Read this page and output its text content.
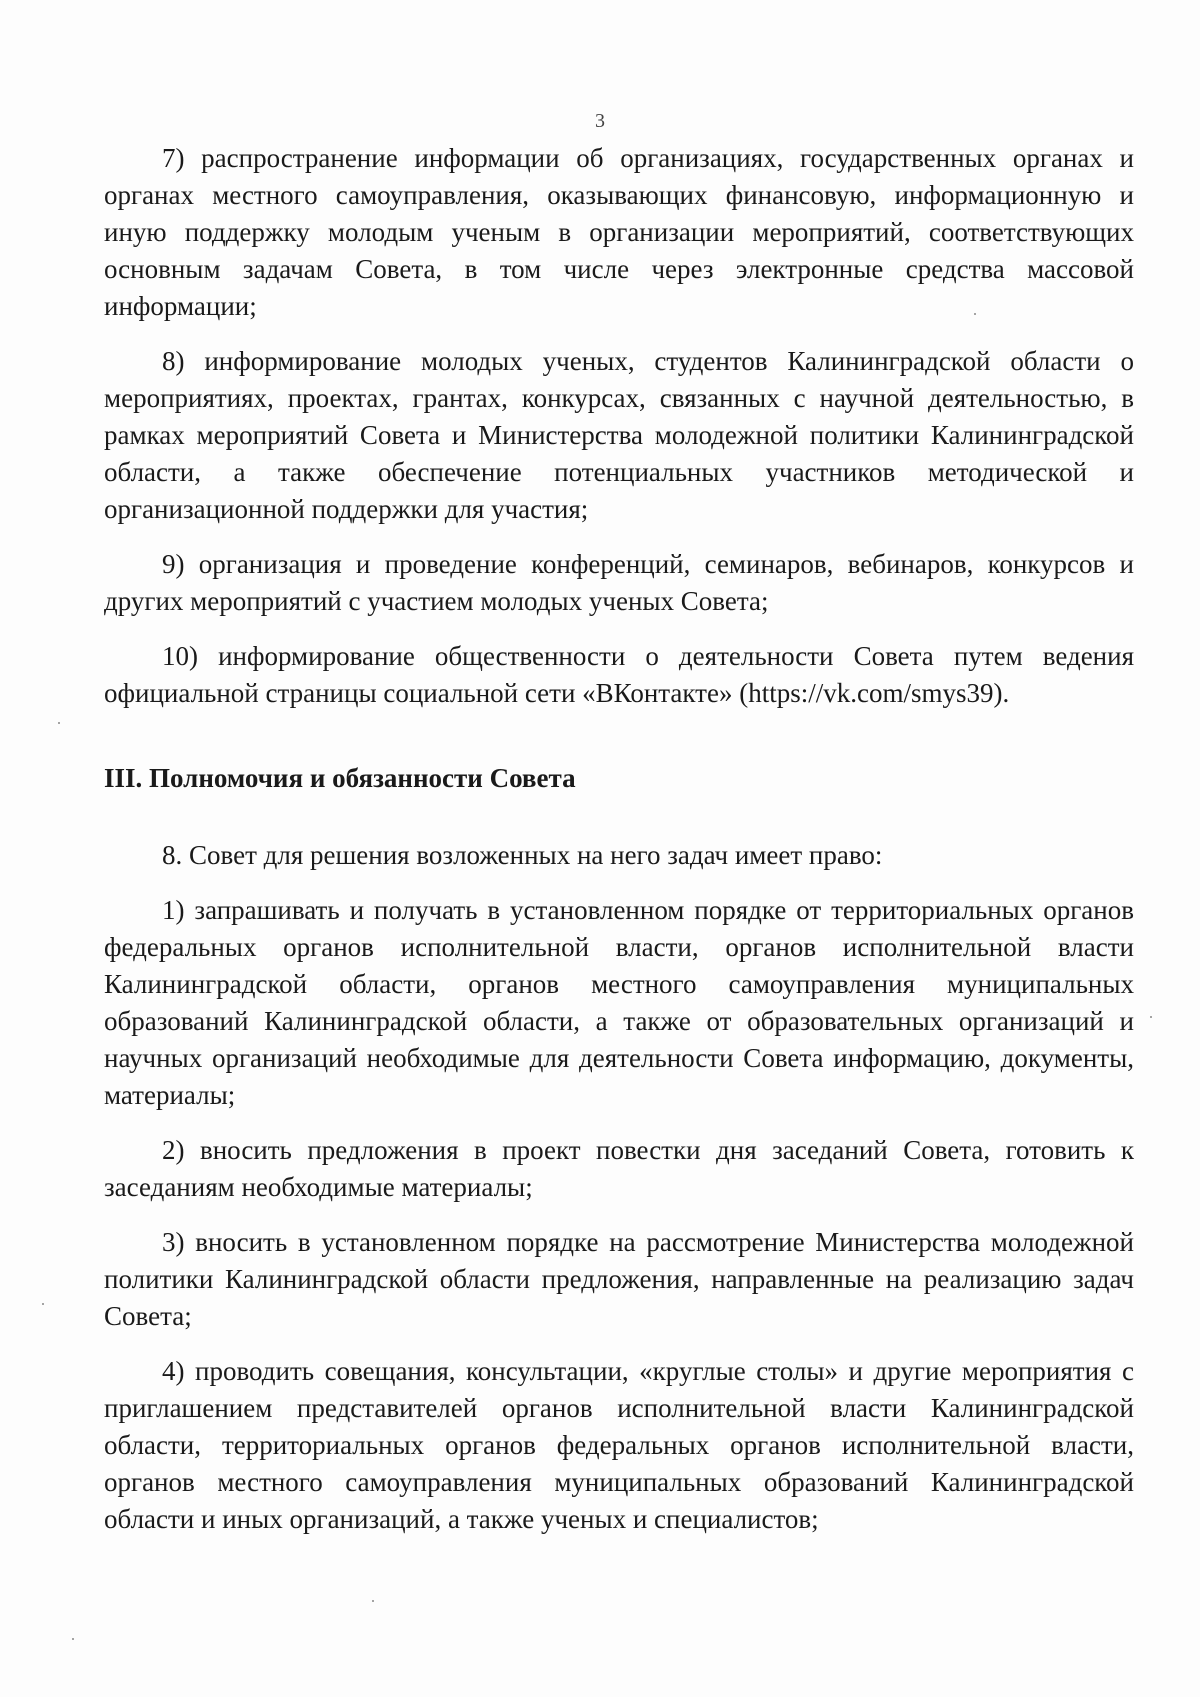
3

7) распространение информации об организациях, государственных органах и органах местного самоуправления, оказывающих финансовую, информационную и иную поддержку молодым ученым в организации мероприятий, соответствующих основным задачам Совета, в том числе через электронные средства массовой информации;

8) информирование молодых ученых, студентов Калининградской области о мероприятиях, проектах, грантах, конкурсах, связанных с научной деятельностью, в рамках мероприятий Совета и Министерства молодежной политики Калининградской области, а также обеспечение потенциальных участников методической и организационной поддержки для участия;

9) организация и проведение конференций, семинаров, вебинаров, конкурсов и других мероприятий с участием молодых ученых Совета;

10) информирование общественности о деятельности Совета путем ведения официальной страницы социальной сети «ВКонтакте» (https://vk.com/smys39).

III. Полномочия и обязанности Совета

8. Совет для решения возложенных на него задач имеет право:

1) запрашивать и получать в установленном порядке от территориальных органов федеральных органов исполнительной власти, органов исполнительной власти Калининградской области, органов местного самоуправления муниципальных образований Калининградской области, а также от образовательных организаций и научных организаций необходимые для деятельности Совета информацию, документы, материалы;

2) вносить предложения в проект повестки дня заседаний Совета, готовить к заседаниям необходимые материалы;

3) вносить в установленном порядке на рассмотрение Министерства молодежной политики Калининградской области предложения, направленные на реализацию задач Совета;

4) проводить совещания, консультации, «круглые столы» и другие мероприятия с приглашением представителей органов исполнительной власти Калининградской области, территориальных органов федеральных органов исполнительной власти, органов местного самоуправления муниципальных образований Калининградской области и иных организаций, а также ученых и специалистов;
